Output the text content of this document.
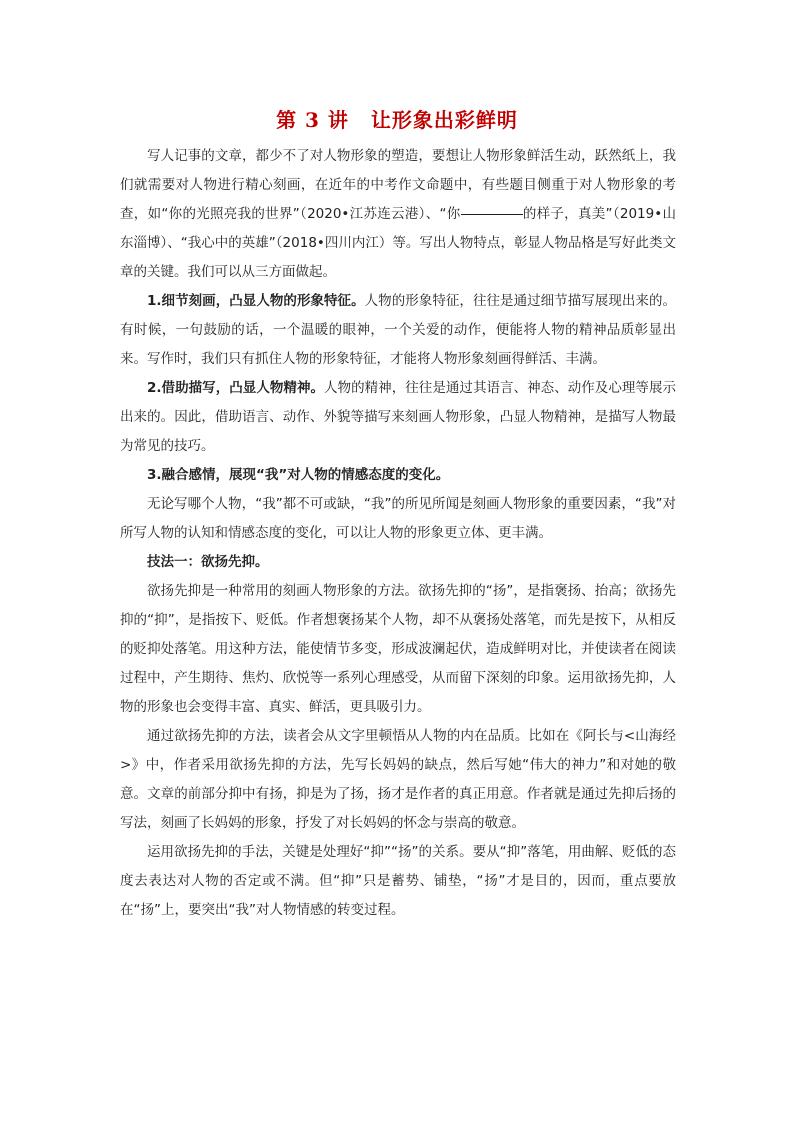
第 3 讲 让形象出彩鲜明

写人记事的文章，都少不了对人物形象的塑造，要想让人物形象鲜活生动，跃然纸上，我们就需要对人物进行精心刻画，在近年的中考作文命题中，有些题目侧重于对人物形象的考查，如“你的光照亮我的世界”（2020•江苏连云港）、“你	的样子，真美”（2019•山东淄博）、“我心中的英雄”（2018•四川内江）等。写出人物特点，彰显人物品格是写好此类文章的关键。我们可以从三方面做起。

1.细节刻画，凸显人物的形象特征。人物的形象特征，往往是通过细节描写展现出来的。有时候，一句鼓励的话，一个温暖的眼神，一个关爱的动作，便能将人物的精神品质彰显出来。写作时，我们只有抓住人物的形象特征，才能将人物形象刻画得鲜活、丰满。

2.借助描写，凸显人物精神。人物的精神，往往是通过其语言、神态、动作及心理等展示出来的。因此，借助语言、动作、外貌等描写来刻画人物形象，凸显人物精神，是描写人物最为常见的技巧。

3.融合感情，展现“我”对人物的情感态度的变化。

无论写哪个人物，“我”都不可或缺，“我”的所见所闻是刻画人物形象的重要因素，“我”对所写人物的认知和情感态度的变化，可以让人物的形象更立体、更丰满。

技法一：欲扬先抑。

欲扬先抑是一种常用的刻画人物形象的方法。欲扬先抑的“扬”，是指褒扬、抬高；欲扬先抑的“抑”，是指按下、贬低。作者想褒扬某个人物，却不从褒扬处落笔，而先是按下，从相反的贬抑处落笔。用这种方法，能使情节多变，形成波澜起伏，造成鲜明对比，并使读者在阅读过程中，产生期待、焦灼、欣悦等一系列心理感受，从而留下深刻的印象。运用欲扬先抑，人物的形象也会变得丰富、真实、鲜活，更具吸引力。

通过欲扬先抑的方法，读者会从文字里顿悟从人物的内在品质。比如在《阿长与<山海经>》中，作者采用欲扬先抑的方法，先写长妈妈的缺点，然后写她“伟大的神力”和对她的敬意。文章的前部分抑中有扬，抑是为了扬，扬才是作者的真正用意。作者就是通过先抑后扬的写法，刻画了长妈妈的形象，抒发了对长妈妈的怀念与崇高的敬意。

运用欲扬先抑的手法，关键是处理好“抑”“扬”的关系。要从“抑”落笔，用曲解、贬低的态度去表达对人物的否定或不满。但“抑”只是蓄势、铺垫，“扬”才是目的，因而，重点要放在“扬”上，要突出“我”对人物情感的转变过程。
